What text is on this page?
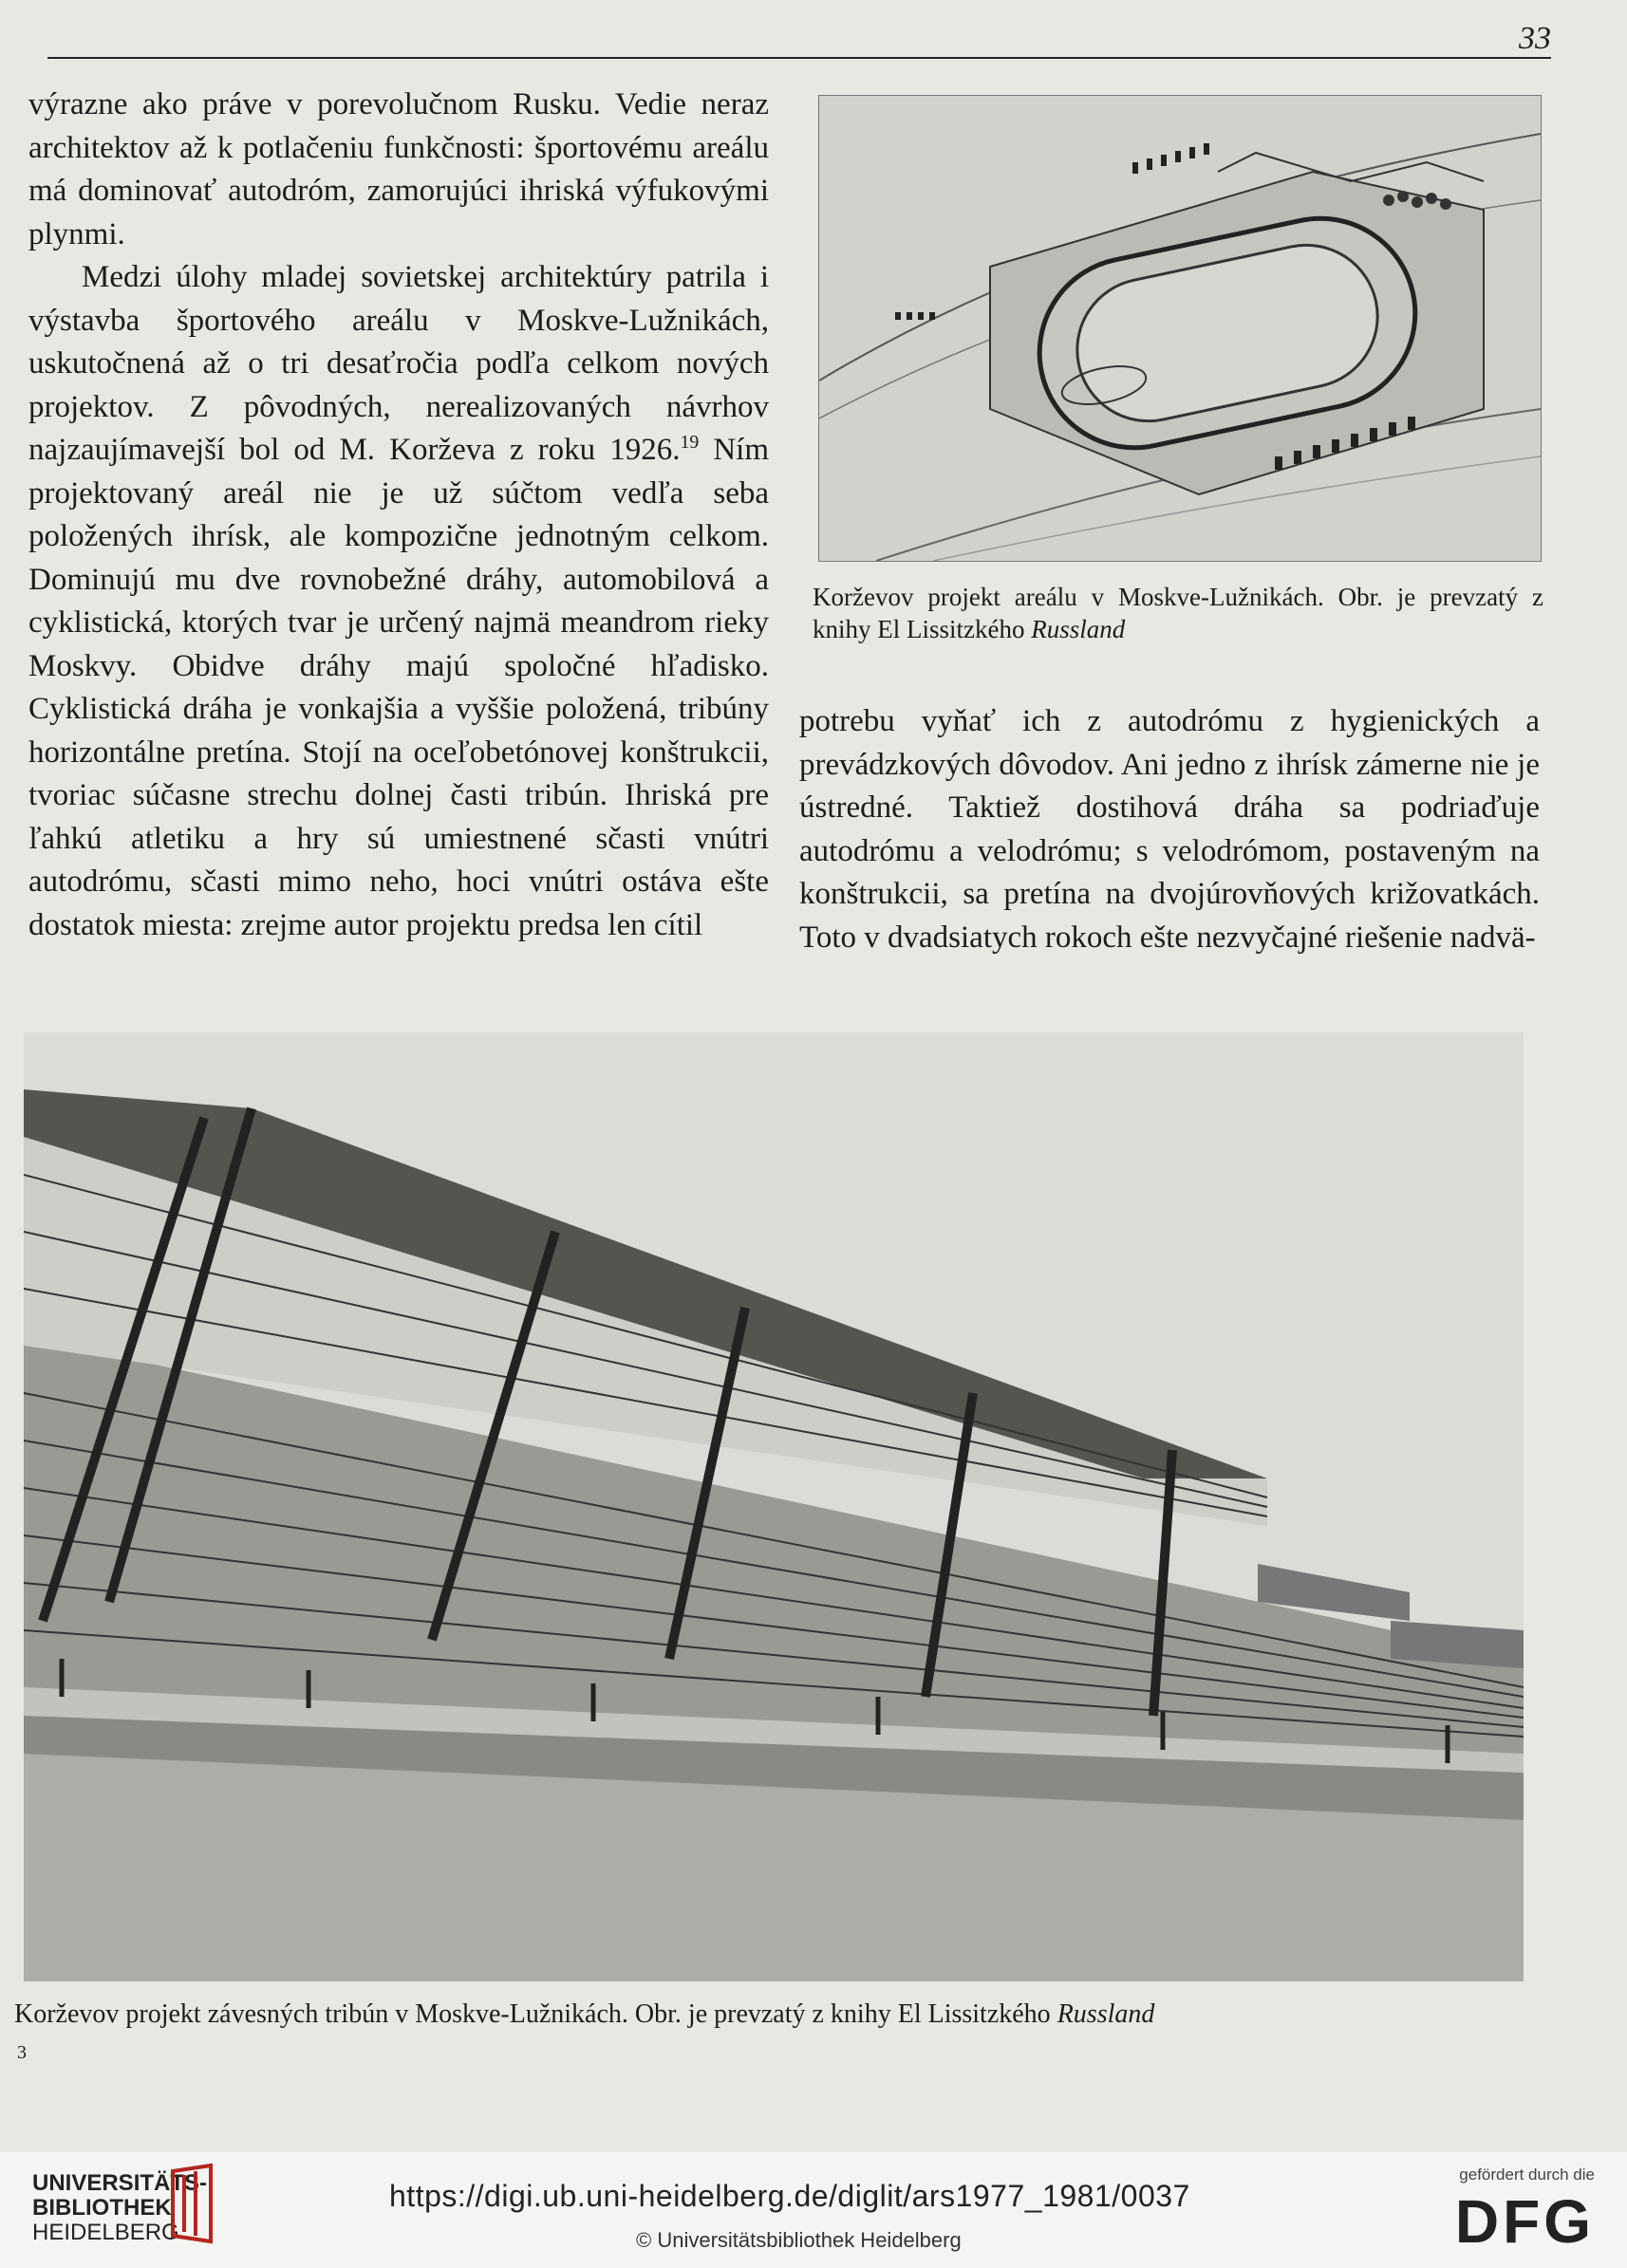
33

výrazne ako práve v porevolučnom Rusku. Vedie neraz architektov až k potlačeniu funkčnosti: športovému areálu má dominovať autodróm, zamorujúci ihriská výfukovými plynmi.

Medzi úlohy mladej sovietskej architektúry patrila i výstavba športového areálu v Moskve-Lužnikách, uskutočnená až o tri desaťročia podľa celkom nových projektov. Z pôvodných, nerealizovaných návrhov najzaujímavejší bol od M. Korževa z roku 1926.19 Ním projektovaný areál nie je už súčtom vedľa seba položených ihrísk, ale kompozične jednotným celkom. Dominujú mu dve rovnobežné dráhy, automobilová a cyklistická, ktorých tvar je určený najmä meandrom rieky Moskvy. Obidve dráhy majú spoločné hľadisko. Cyklistická dráha je vonkajšia a vyššie položená, tribúny horizontálne pretína. Stojí na oceľobetónovej konštrukcii, tvoriac súčasne strechu dolnej časti tribún. Ihriská pre ľahkú atletiku a hry sú umiestnené sčasti vnútri autodrómu, sčasti mimo neho, hoci vnútri ostáva ešte dostatok miesta: zrejme autor projektu predsa len cítil

Korževov projekt areálu v Moskve-Lužnikách. Obr. je prevzatý z knihy El Lissitzkého Russland

potrebu vyňať ich z autodrómu z hygienických a prevádzkových dôvodov. Ani jedno z ihrísk zámerne nie je ústredné. Taktiež dostihová dráha sa podriaďuje autodrómu a velodrómu; s velodrómom, postaveným na konštrukcii, sa pretína na dvojúrovňových križovatkách. Toto v dvadsiatych rokoch ešte nezvyčajné riešenie nadvä-

Korževov projekt závesných tribún v Moskve-Lužnikách. Obr. je prevzatý z knihy El Lissitzkého Russland
3
UNIVERSITÄTS-
BIBLIOTHEK
HEIDELBERG
https://digi.ub.uni-heidelberg.de/diglit/ars1977_1981/0037
© Universitätsbibliothek Heidelberg
gefördert durch die
DFG
